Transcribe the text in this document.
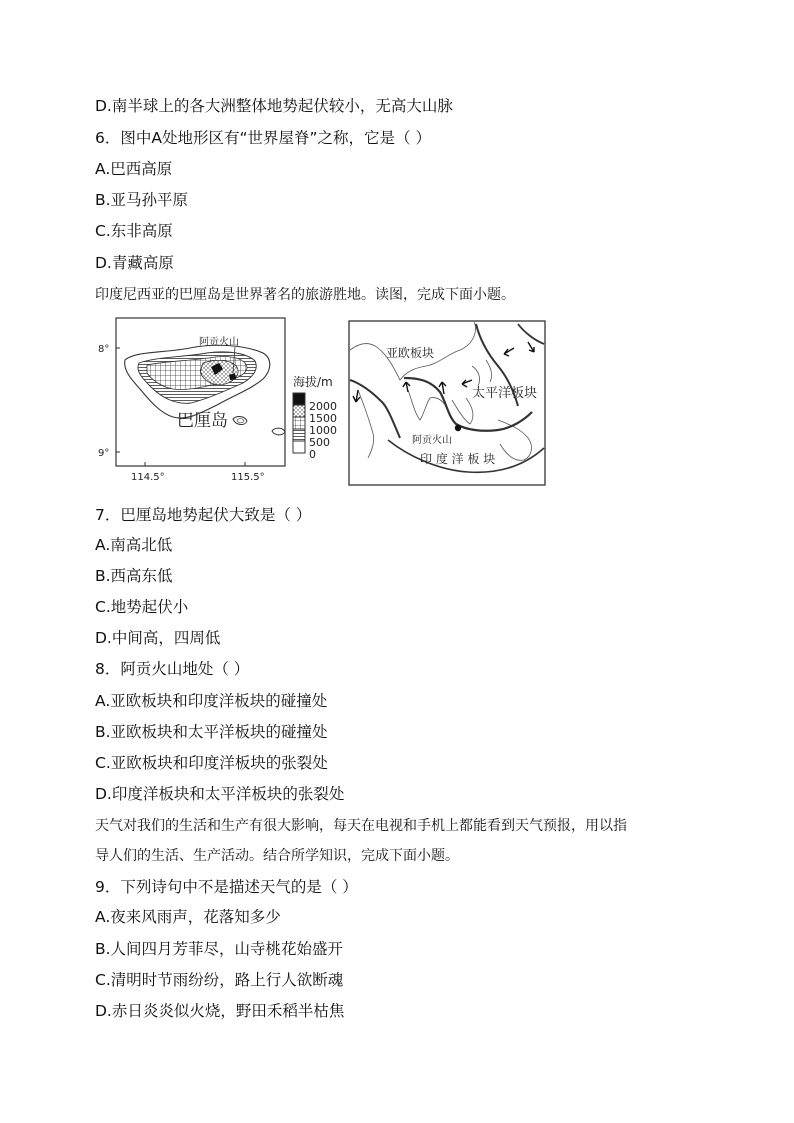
D.南半球上的各大洲整体地势起伏较小，无高大山脉
6．图中A处地形区有“世界屋脊”之称，它是（ ）
A.巴西高原
B.亚马孙平原
C.东非高原
D.青藏高原
印度尼西亚的巴厘岛是世界著名的旅游胜地。读图，完成下面小题。
8°
9°
114.5°	115.5°
阿贡火山
巴厘岛
海拔/m
2000
1500
1000
500
0
亚欧板块
太平洋板块
阿贡火山
印 度 洋 板 块
7．巴厘岛地势起伏大致是（ ）
A.南高北低
B.西高东低
C.地势起伏小
D.中间高，四周低
8．阿贡火山地处（ ）
A.亚欧板块和印度洋板块的碰撞处
B.亚欧板块和太平洋板块的碰撞处
C.亚欧板块和印度洋板块的张裂处
D.印度洋板块和太平洋板块的张裂处
天气对我们的生活和生产有很大影响，每天在电视和手机上都能看到天气预报，用以指
导人们的生活、生产活动。结合所学知识，完成下面小题。
9．下列诗句中不是描述天气的是（ ）
A.夜来风雨声，花落知多少
B.人间四月芳菲尽，山寺桃花始盛开
C.清明时节雨纷纷，路上行人欲断魂
D.赤日炎炎似火烧，野田禾稻半枯焦
